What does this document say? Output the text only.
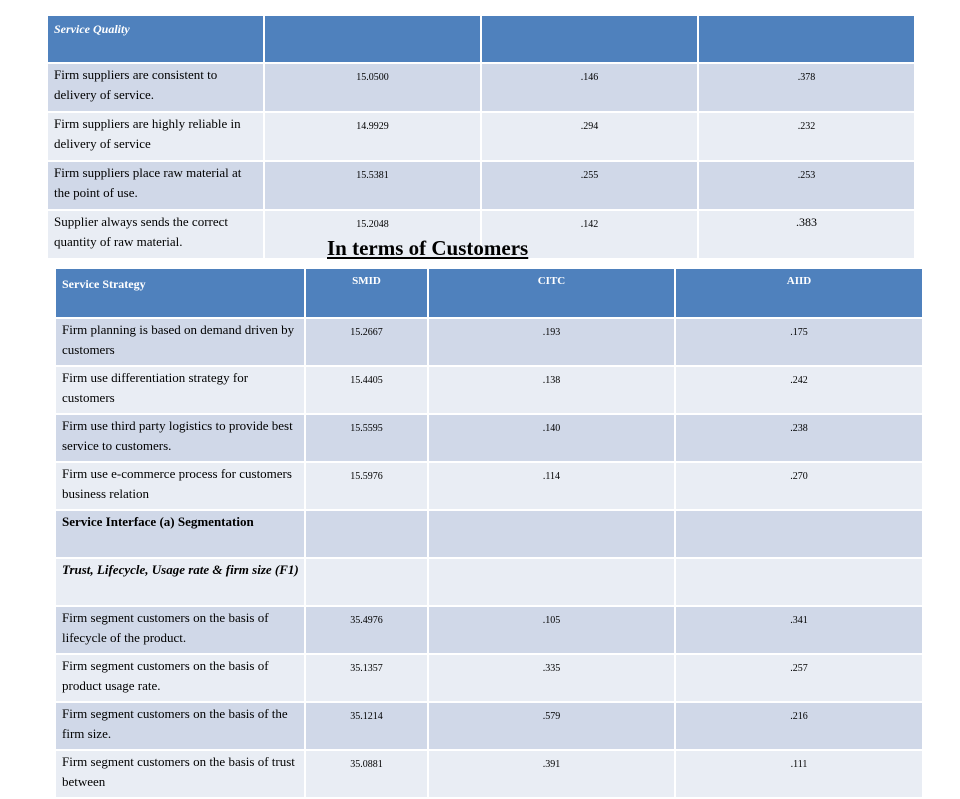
Service Quality			
Firm suppliers are consistent to delivery of service.	15.0500	.146	.378
Firm suppliers are highly reliable in delivery of service	14.9929	.294	.232
Firm suppliers place raw material at the point of use.	15.5381	.255	.253
Supplier always sends the correct quantity of raw material.	15.2048	.142	.383
In terms of Customers
Service Strategy	SMID	CITC	AIID
Firm planning is based on demand driven by customers	15.2667	.193	.175
Firm use differentiation strategy for customers	15.4405	.138	.242
Firm use third party logistics to provide best service to customers.	15.5595	.140	.238
Firm use e-commerce process for customers business relation	15.5976	.114	.270
Service Interface (a) Segmentation			
Trust, Lifecycle, Usage rate & firm size (F1)			
Firm segment customers on the basis of lifecycle of the product.	35.4976	.105	.341
Firm segment customers on the basis of product usage rate.	35.1357	.335	.257
Firm segment customers on the basis of the firm size.	35.1214	.579	.216
Firm segment customers on the basis of trust between	35.0881	.391	.111
